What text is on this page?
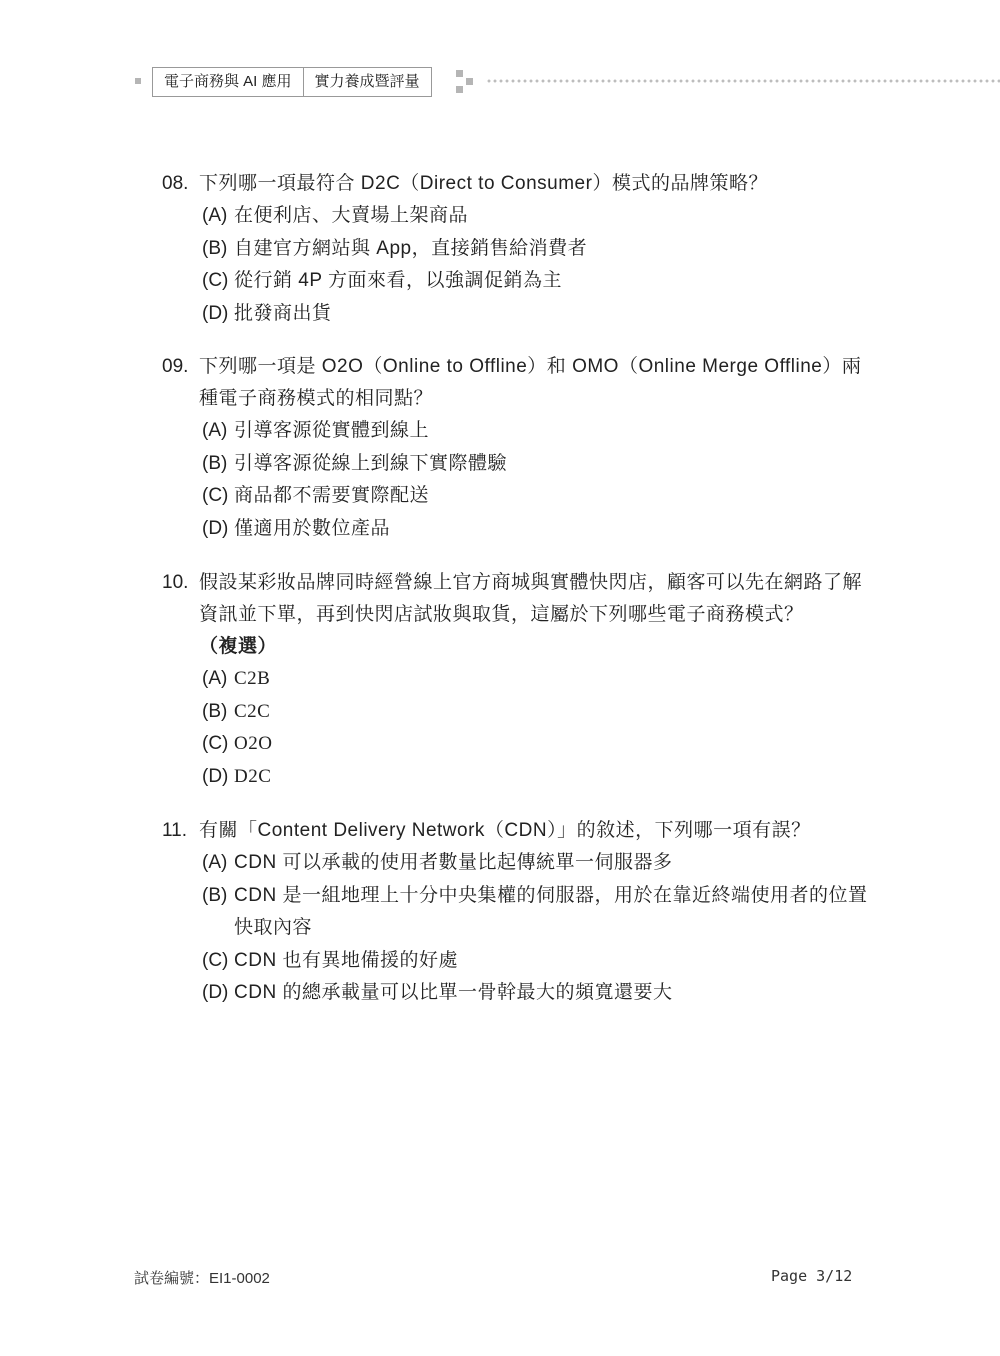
電子商務與 AI 應用	實力養成暨評量
08. 下列哪一項最符合 D2C（Direct to Consumer）模式的品牌策略？
(A) 在便利店、大賣場上架商品
(B) 自建官方網站與 App，直接銷售給消費者
(C) 從行銷 4P 方面來看，以強調促銷為主
(D) 批發商出貨
09. 下列哪一項是 O2O（Online to Offline）和 OMO（Online Merge Offline）兩種電子商務模式的相同點？
(A) 引導客源從實體到線上
(B) 引導客源從線上到線下實際體驗
(C) 商品都不需要實際配送
(D) 僅適用於數位產品
10. 假設某彩妝品牌同時經營線上官方商城與實體快閃店，顧客可以先在網路了解資訊並下單，再到快閃店試妝與取貨，這屬於下列哪些電子商務模式？（複選）
(A) C2B
(B) C2C
(C) O2O
(D) D2C
11. 有關「Content Delivery Network（CDN）」的敘述，下列哪一項有誤？
(A) CDN 可以承載的使用者數量比起傳統單一伺服器多
(B) CDN 是一組地理上十分中央集權的伺服器，用於在靠近終端使用者的位置快取內容
(C) CDN 也有異地備援的好處
(D) CDN 的總承載量可以比單一骨幹最大的頻寬還要大
試卷編號：EI1-0002	Page 3/12
